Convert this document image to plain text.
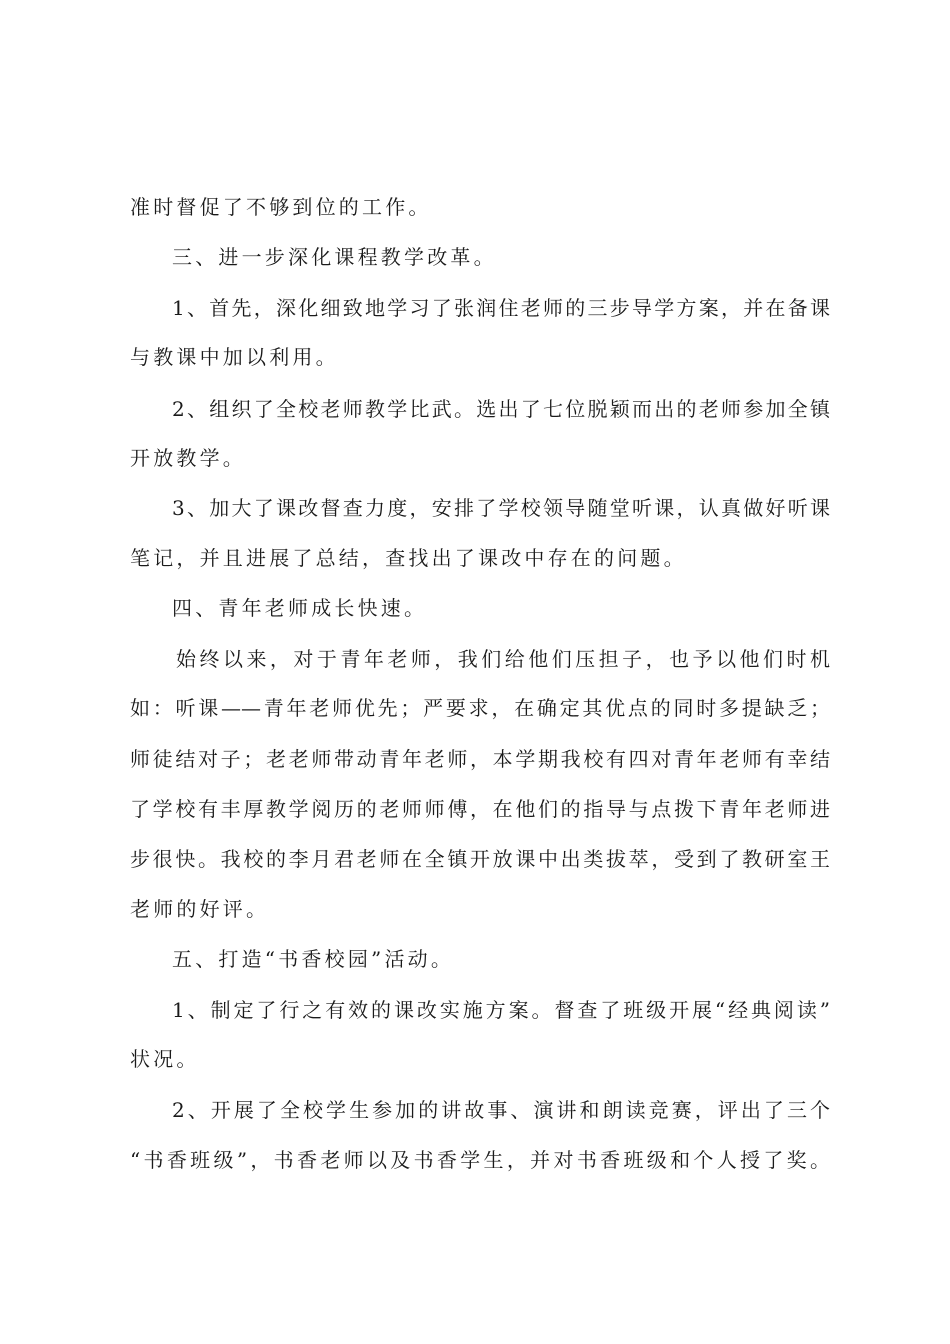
准时督促了不够到位的工作。
三、进一步深化课程教学改革。
1、首先，深化细致地学习了张润住老师的三步导学方案，并在备课
与教课中加以利用。
2、组织了全校老师教学比武。选出了七位脱颖而出的老师参加全镇
开放教学。
3、加大了课改督查力度，安排了学校领导随堂听课，认真做好听课
笔记，并且进展了总结，查找出了课改中存在的问题。
四、青年老师成长快速。
始终以来，对于青年老师，我们给他们压担子，也予以他们时机
如：听课——青年老师优先；严要求，在确定其优点的同时多提缺乏；
师徒结对子；老老师带动青年老师，本学期我校有四对青年老师有幸结
了学校有丰厚教学阅历的老师师傅，在他们的指导与点拨下青年老师进
步很快。我校的李月君老师在全镇开放课中出类拔萃，受到了教研室王
老师的好评。
五、打造“书香校园”活动。
1、制定了行之有效的课改实施方案。督查了班级开展“经典阅读”
状况。
2、开展了全校学生参加的讲故事、演讲和朗读竞赛，评出了三个
“书香班级”，书香老师以及书香学生，并对书香班级和个人授了奖。
